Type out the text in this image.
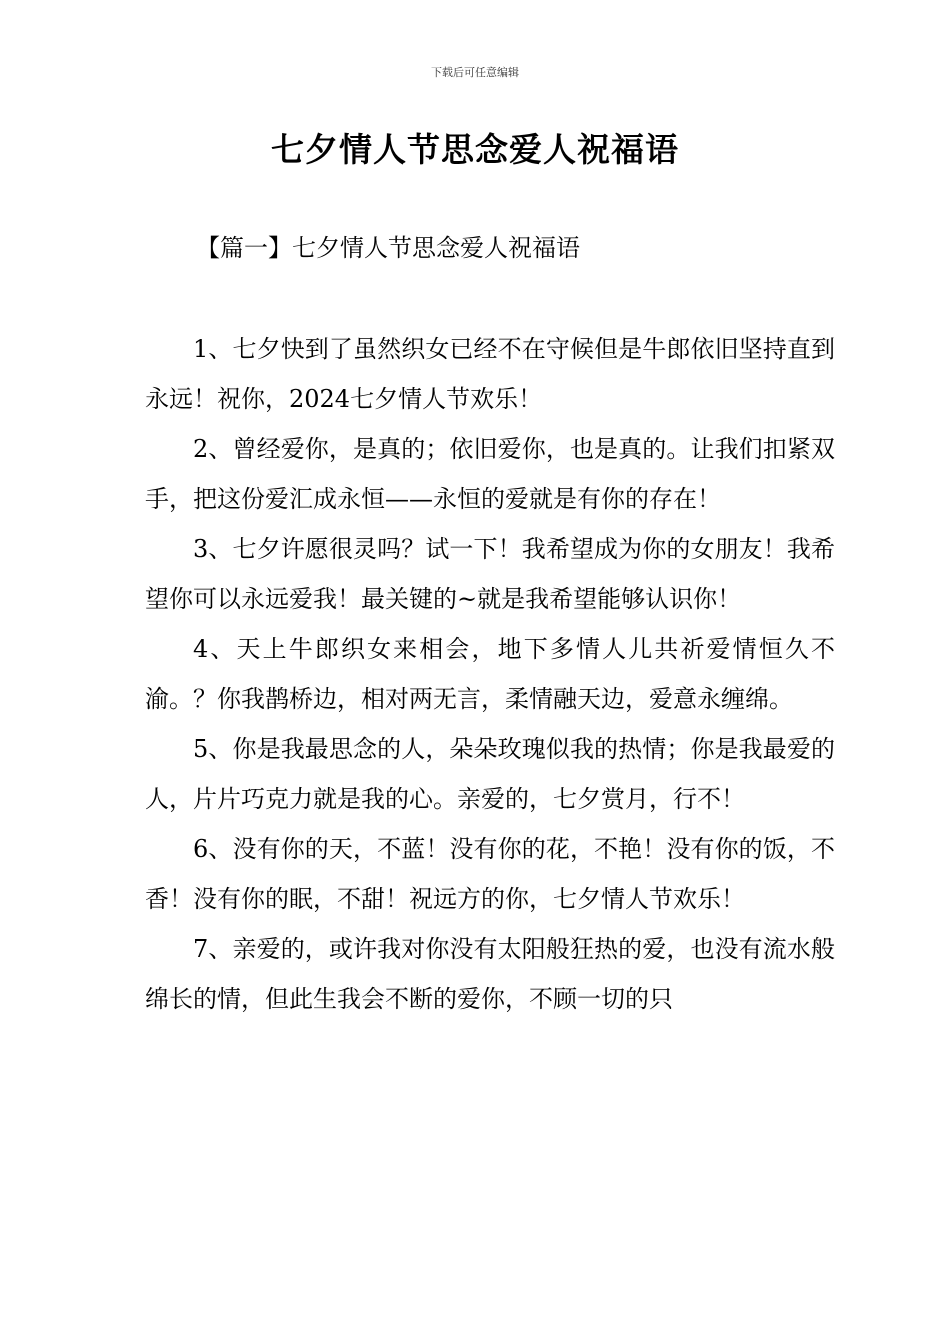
下载后可任意编辑
七夕情人节思念爱人祝福语
【篇一】七夕情人节思念爱人祝福语

1、七夕快到了虽然织女已经不在守候但是牛郎依旧坚持直到永远！祝你，2024七夕情人节欢乐！

2、曾经爱你，是真的；依旧爱你，也是真的。让我们扣紧双手，把这份爱汇成永恒——永恒的爱就是有你的存在！

3、七夕许愿很灵吗？试一下！我希望成为你的女朋友！我希望你可以永远爱我！最关键的~就是我希望能够认识你！

4、天上牛郎织女来相会，地下多情人儿共祈爱情恒久不渝。？你我鹊桥边，相对两无言，柔情融天边，爱意永缠绵。

5、你是我最思念的人，朵朵玫瑰似我的热情；你是我最爱的人，片片巧克力就是我的心。亲爱的，七夕赏月，行不！

6、没有你的天，不蓝！没有你的花，不艳！没有你的饭，不香！没有你的眠，不甜！祝远方的你，七夕情人节欢乐！

7、亲爱的，或许我对你没有太阳般狂热的爱，也没有流水般绵长的情，但此生我会不断的爱你，不顾一切的只
